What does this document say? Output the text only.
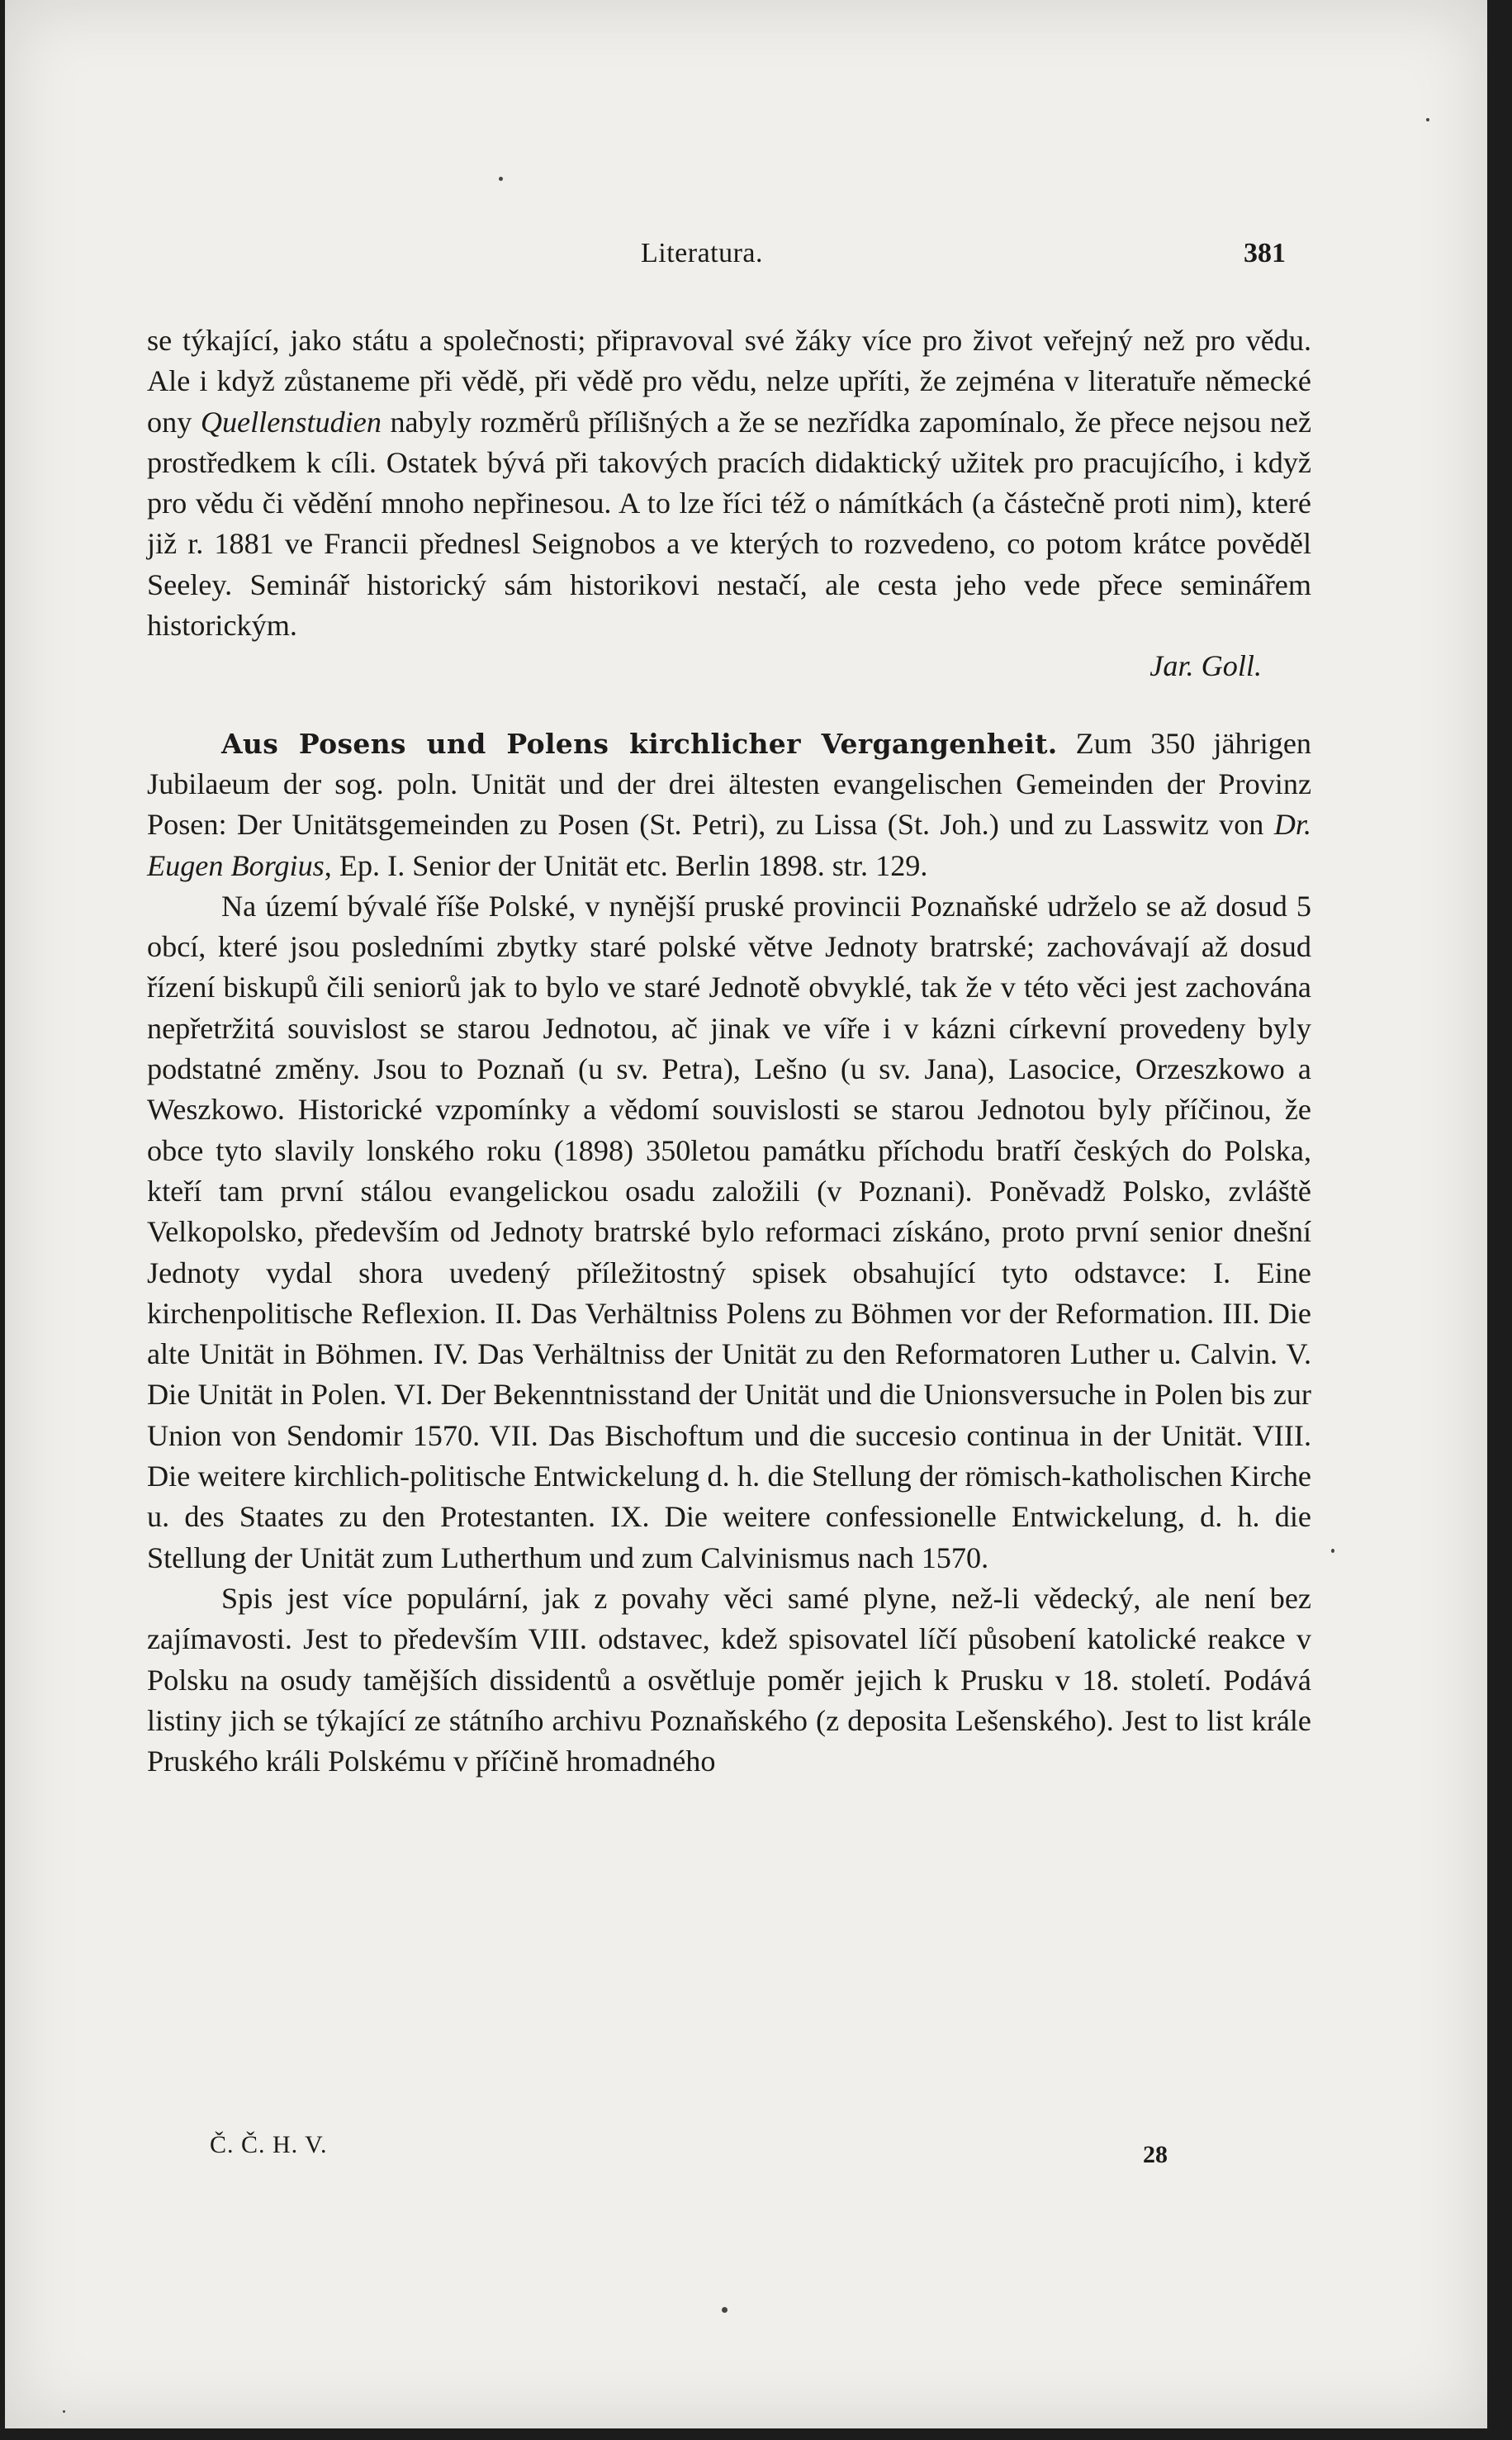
Literatura.	381

se týkající, jako státu a společnosti; připravoval své žáky více pro život veřejný než pro vědu. Ale i když zůstaneme při vědě, při vědě pro vědu, nelze upříti, že zejména v literatuře německé ony Quellenstudien nabyly rozměrů přílišných a že se nezřídka zapomínalo, že přece nejsou než prostředkem k cíli. Ostatek bývá při takových pracích didaktický užitek pro pracujícího, i když pro vědu či vědění mnoho nepřinesou. A to lze říci též o námítkách (a částečně proti nim), které již r. 1881 ve Francii přednesl Seignobos a ve kterých to rozvedeno, co potom krátce pověděl Seeley. Seminář historický sám historikovi nestačí, ale cesta jeho vede přece seminářem historickým.

Jar. Goll.

Aus Posens und Polens kirchlicher Vergangenheit. Zum 350 jährigen Jubilaeum der sog. poln. Unität und der drei ältesten evangelischen Gemeinden der Provinz Posen: Der Unitätsgemeinden zu Posen (St. Petri), zu Lissa (St. Joh.) und zu Lasswitz von Dr. Eugen Borgius, Ep. I. Senior der Unität etc. Berlin 1898. str. 129.

Na území bývalé říše Polské, v nynější pruské provincii Poznaňské udrželo se až dosud 5 obcí, které jsou posledními zbytky staré polské větve Jednoty bratrské; zachovávají až dosud řízení biskupů čili seniorů jak to bylo ve staré Jednotě obvyklé, tak že v této věci jest zachována nepřetržitá souvislost se starou Jednotou, ač jinak ve víře i v kázni církevní provedeny byly podstatné změny. Jsou to Poznaň (u sv. Petra), Lešno (u sv. Jana), Lasocice, Orzeszkowo a Weszkowo. Historické vzpomínky a vědomí souvislosti se starou Jednotou byly příčinou, že obce tyto slavily lonského roku (1898) 350letou památku příchodu bratří českých do Polska, kteří tam první stálou evangelickou osadu založili (v Poznani). Poněvadž Polsko, zvláště Velkopolsko, především od Jednoty bratrské bylo reformaci získáno, proto první senior dnešní Jednoty vydal shora uvedený příležitostný spisek obsahující tyto odstavce: I. Eine kirchenpolitische Reflexion. II. Das Verhältniss Polens zu Böhmen vor der Reformation. III. Die alte Unität in Böhmen. IV. Das Verhältniss der Unität zu den Reformatoren Luther u. Calvin. V. Die Unität in Polen. VI. Der Bekenntnisstand der Unität und die Unionsversuche in Polen bis zur Union von Sendomir 1570. VII. Das Bischoftum und die succesio continua in der Unität. VIII. Die weitere kirchlich-politische Entwickelung d. h. die Stellung der römisch-katholischen Kirche u. des Staates zu den Protestanten. IX. Die weitere confessionelle Entwickelung, d. h. die Stellung der Unität zum Lutherthum und zum Calvinismus nach 1570.

Spis jest více populární, jak z povahy věci samé plyne, než-li vědecký, ale není bez zajímavosti. Jest to především VIII. odstavec, kdež spisovatel líčí působení katolické reakce v Polsku na osudy tamějších dissidentů a osvětluje poměr jejich k Prusku v 18. století. Podává listiny jich se týkající ze státního archivu Poznaňského (z deposita Lešenského). Jest to list krále Pruského králi Polskému v příčině hromadného

Č. Č. H. V.	28
